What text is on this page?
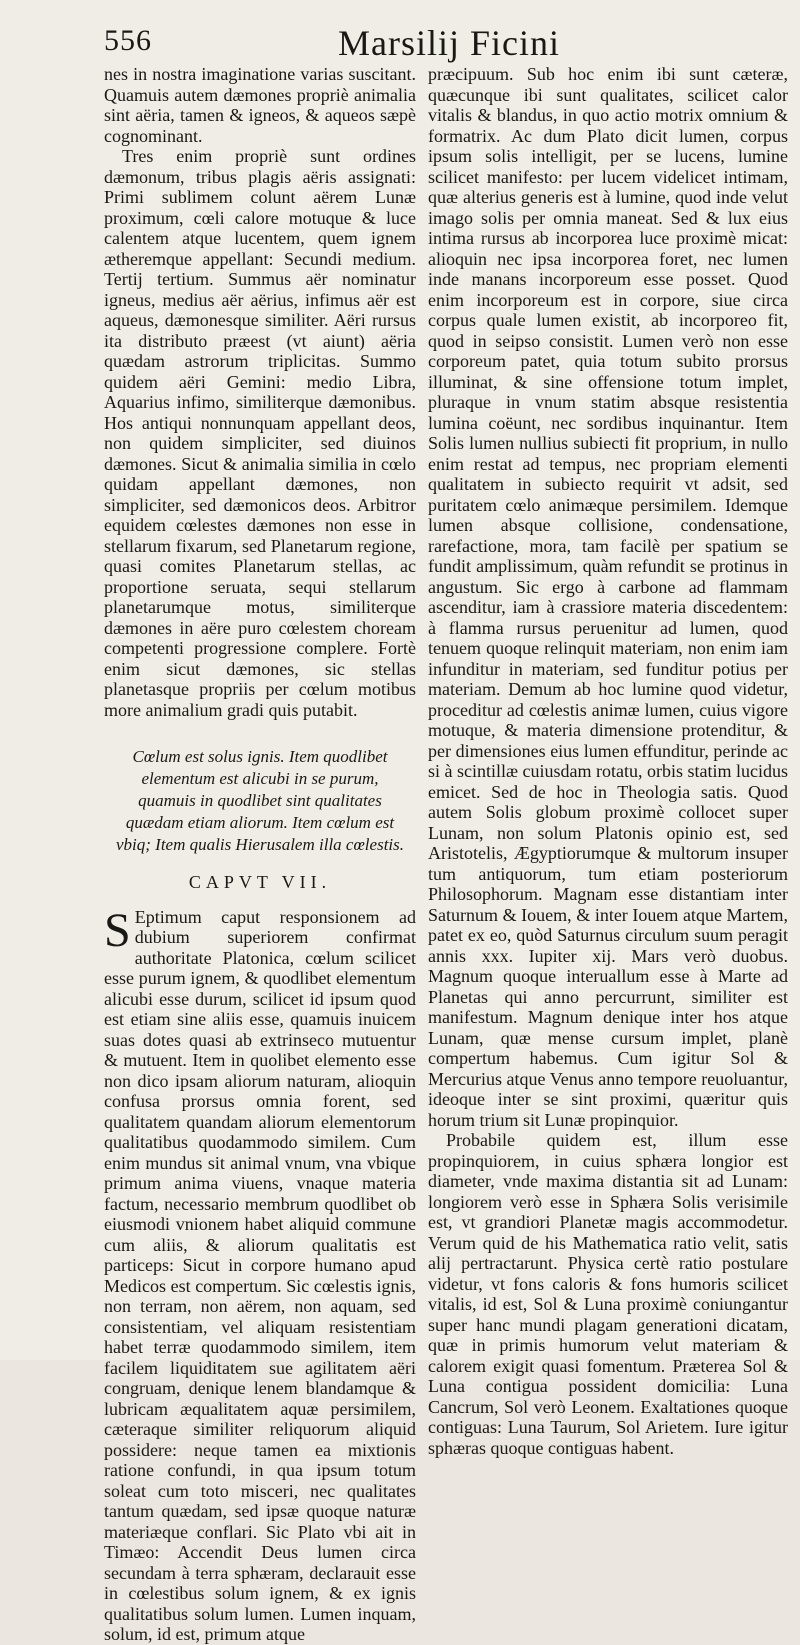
556	Marsilij Ficini

nes in nostra imaginatione varias suscitant. Quamuis autem dæmones propriè animalia sint aëria, tamen & igneos, & aqueos sæpè cognominant.

Tres enim propriè sunt ordines dæmonum, tribus plagis aëris assignati: Primi sublimem colunt aërem Lunæ proximum, cœli calore motuque & luce calentem atque lucentem, quem ignem ætheremque appellant: Secundi medium. Tertij tertium. Summus aër nominatur igneus, medius aër aërius, infimus aër est aqueus, dæmonesque similiter. Aëri rursus ita distributo præest (vt aiunt) aëria quædam astrorum triplicitas. Summo quidem aëri Gemini: medio Libra, Aquarius infimo, similiterque dæmonibus. Hos antiqui nonnunquam appellant deos, non quidem simpliciter, sed diuinos dæmones. Sicut & animalia similia in cœlo quidam appellant dæmones, non simpliciter, sed dæmonicos deos. Arbitror equidem cœlestes dæmones non esse in stellarum fixarum, sed Planetarum regione, quasi comites Planetarum stellas, ac proportione seruata, sequi stellarum planetarumque motus, similiterque dæmones in aëre puro cœlestem choream competenti progressione complere. Fortè enim sicut dæmones, sic stellas planetasque propriis per cœlum motibus more animalium gradi quis putabit.

Cœlum est solus ignis. Item quodlibet elementum est alicubi in se purum, quamuis in quodlibet sint qualitates quædam etiam aliorum. Item cœlum est vbiq; Item qualis Hierusalem illa cœlestis.

CAPVT VII.

S Eptimum caput responsionem ad dubium superiorem confirmat authoritate Platonica, cœlum scilicet esse purum ignem, & quodlibet elementum alicubi esse durum, scilicet id ipsum quod est etiam sine aliis esse, quamuis inuicem suas dotes quasi ab extrinseco mutuentur & mutuent. Item in quolibet elemento esse non dico ipsam aliorum naturam, alioquin confusa prorsus omnia forent, sed qualitatem quandam aliorum elementorum qualitatibus quodammodo similem. Cum enim mundus sit animal vnum, vna vbique primum anima viuens, vnaque materia factum, necessario membrum quodlibet ob eiusmodi vnionem habet aliquid commune cum aliis, & aliorum qualitatis est particeps: Sicut in corpore humano apud Medicos est compertum. Sic cœlestis ignis, non terram, non aërem, non aquam, sed consistentiam, vel aliquam resistentiam habet terræ quodammodo similem, item facilem liquiditatem sue agilitatem aëri congruam, denique lenem blandamque & lubricam æqualitatem aquæ persimilem, cæteraque similiter reliquorum aliquid possidere: neque tamen ea mixtionis ratione confundi, in qua ipsum totum soleat cum toto misceri, nec qualitates tantum quædam, sed ipsæ quoque naturæ materiæque conflari. Sic Plato vbi ait in Timæo: Accendit Deus lumen circa secundam à terra sphæram, declarauit esse in cœlestibus solum ignem, & ex ignis qualitatibus solum lumen. Lumen inquam, solum, id est, primum atque

præcipuum. Sub hoc enim ibi sunt cæteræ, quæcunque ibi sunt qualitates, scilicet calor vitalis & blandus, in quo actio motrix omnium & formatrix. Ac dum Plato dicit lumen, corpus ipsum solis intelligit, per se lucens, lumine scilicet manifesto: per lucem videlicet intimam, quæ alterius generis est à lumine, quod inde velut imago solis per omnia maneat. Sed & lux eius intima rursus ab incorporea luce proximè micat: alioquin nec ipsa incorporea foret, nec lumen inde manans incorporeum esse posset. Quod enim incorporeum est in corpore, siue circa corpus quale lumen existit, ab incorporeo fit, quod in seipso consistit. Lumen verò non esse corporeum patet, quia totum subito prorsus illuminat, & sine offensione totum implet, pluraque in vnum statim absque resistentia lumina coëunt, nec sordibus inquinantur. Item Solis lumen nullius subiecti fit proprium, in nullo enim restat ad tempus, nec propriam elementi qualitatem in subiecto requirit vt adsit, sed puritatem cœlo animæque persimilem. Idemque lumen absque collisione, condensatione, rarefactione, mora, tam facilè per spatium se fundit amplissimum, quàm refundit se protinus in angustum. Sic ergo à carbone ad flammam ascenditur, iam à crassiore materia discedentem: à flamma rursus peruenitur ad lumen, quod tenuem quoque relinquit materiam, non enim iam infunditur in materiam, sed funditur potius per materiam. Demum ab hoc lumine quod videtur, proceditur ad cœlestis animæ lumen, cuius vigore motuque, & materia dimensione protenditur, & per dimensiones eius lumen effunditur, perinde ac si à scintillæ cuiusdam rotatu, orbis statim lucidus emicet. Sed de hoc in Theologia satis. Quod autem Solis globum proximè collocet super Lunam, non solum Platonis opinio est, sed Aristotelis, Ægyptiorumque & multorum insuper tum antiquorum, tum etiam posteriorum Philosophorum. Magnam esse distantiam inter Saturnum & Iouem, & inter Iouem atque Martem, patet ex eo, quòd Saturnus circulum suum peragit annis xxx. Iupiter xij. Mars verò duobus. Magnum quoque interuallum esse à Marte ad Planetas qui anno percurrunt, similiter est manifestum. Magnum denique inter hos atque Lunam, quæ mense cursum implet, planè compertum habemus. Cum igitur Sol & Mercurius atque Venus anno tempore reuoluantur, ideoque inter se sint proximi, quæritur quis horum trium sit Lunæ propinquior.

Probabile quidem est, illum esse propinquiorem, in cuius sphæra longior est diameter, vnde maxima distantia sit ad Lunam: longiorem verò esse in Sphæra Solis verisimile est, vt grandiori Planetæ magis accommodetur. Verum quid de his Mathematica ratio velit, satis alij pertractarunt. Physica certè ratio postulare videtur, vt fons caloris & fons humoris scilicet vitalis, id est, Sol & Luna proximè coniungantur super hanc mundi plagam generationi dicatam, quæ in primis humorum velut materiam & calorem exigit quasi fomentum. Præterea Sol & Luna contigua possident domicilia: Luna Cancrum, Sol verò Leonem. Exaltationes quoque contiguas: Luna Taurum, Sol Arietem. Iure igitur sphæras quoque contiguas habent.
